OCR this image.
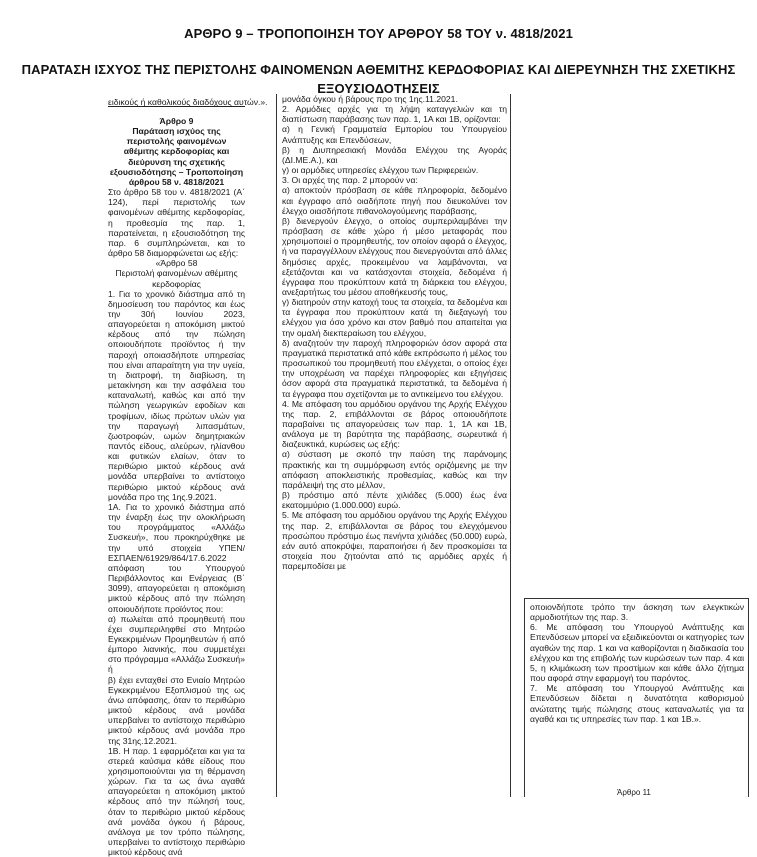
ΑΡΘΡΟ 9 – ΤΡΟΠΟΠΟΙΗΣΗ ΤΟΥ ΑΡΘΡΟΥ 58 ΤΟΥ ν. 4818/2021
ΠΑΡΑΤΑΣΗ ΙΣΧΥΟΣ ΤΗΣ ΠΕΡΙΣΤΟΛΗΣ ΦΑΙΝΟΜΕΝΩΝ ΑΘΕΜΙΤΗΣ ΚΕΡΔΟΦΟΡΙΑΣ ΚΑΙ ΔΙΕΡΕΥΝΗΣΗ ΤΗΣ ΣΧΕΤΙΚΗΣ
ΕΞΟΥΣΙΟΔΟΤΗΣΕΙΣ
ειδικούς ή καθολικούς διαδόχους αυτών.».

Άρθρο 9

Παράταση ισχύος της περιστολής φαινομένων αθέμιτης κερδοφορίας και διεύρυνση της σχετικής εξουσιοδότησης – Τροποποίηση άρθρου 58 ν. 4818/2021

Στο άρθρο 58 του ν. 4818/2021 (Α΄ 124), περί περιστολής των φαινομένων αθέμιτης κερδοφορίας, η προθεσμία της παρ. 1, παρατείνεται, η εξουσιοδότηση της παρ. 6 συμπληρώνεται, και το άρθρο 58 διαμορφώνεται ως εξής:

«Άρθρο 58

Περιστολή φαινομένων αθέμιτης κερδοφορίας

1. Για το χρονικό διάστημα από τη δημοσίευση του παρόντος και έως την 30ή Ιουνίου 2023, απαγορεύεται η αποκόμιση μικτού κέρδους από την πώληση οποιουδήποτε προϊόντος ή την παροχή οποιασδήποτε υπηρεσίας που είναι απαραίτητη για την υγεία, τη διατροφή, τη διαβίωση, τη μετακίνηση και την ασφάλεια του καταναλωτή, καθώς και από την πώληση γεωργικών εφοδίων και τροφίμων, ιδίως πρώτων υλών για την παραγωγή λιπασμάτων, ζωοτροφών, ωμών δημητριακών παντός είδους, αλεύρων, ηλίανθου και φυτικών ελαίων, όταν το περιθώριο μικτού κέρδους ανά μονάδα υπερβαίνει το αντίστοιχο περιθώριο μικτού κέρδους ανά μονάδα προ της 1ης.9.2021.

1Α. Για το χρονικό διάστημα από την έναρξη έως την ολοκλήρωση του προγράμματος «Αλλάζω Συσκευή», που προκηρύχθηκε με την υπό στοιχεία ΥΠΕΝ/ΕΣΠΑΕΝ/61929/864/17.6.2022 απόφαση του Υπουργού Περιβάλλοντος και Ενέργειας (Β΄ 3099), απαγορεύεται η αποκόμιση μικτού κέρδους από την πώληση οποιουδήποτε προϊόντος που:

α) πωλείται από προμηθευτή που έχει συμπεριληφθεί στο Μητρώο Εγκεκριμένων Προμηθευτών ή από έμπορο λιανικής, που συμμετέχει στο πρόγραμμα «Αλλάζω Συσκευή» ή

β) έχει ενταχθεί στο Ενιαίο Μητρώο Εγκεκριμένου Εξοπλισμού της ως άνω απόφασης, όταν το περιθώριο μικτού κέρδους ανά μονάδα υπερβαίνει το αντίστοιχο περιθώριο μικτού κέρδους ανά μονάδα προ της 31ης.12.2021.

1Β. Η παρ. 1 εφαρμόζεται και για τα στερεά καύσιμα κάθε είδους που χρησιμοποιούνται για τη θέρμανση χώρων. Για τα ως άνω αγαθά απαγορεύεται η αποκόμιση μικτού κέρδους από την πώλησή τους, όταν το περιθώριο μικτού κέρδους ανά μονάδα όγκου ή βάρους, ανάλογα με τον τρόπο πώλησης, υπερβαίνει το αντίστοιχο περιθώριο μικτού κέρδους ανά

μονάδα όγκου ή βάρους προ της 1ης.11.2021.

2. Αρμόδιες αρχές για τη λήψη καταγγελιών και τη διαπίστωση παράβασης των παρ. 1, 1Α και 1Β, ορίζονται:

α) η Γενική Γραμματεία Εμπορίου του Υπουργείου Ανάπτυξης και Επενδύσεων,

β) η Διυπηρεσιακή Μονάδα Ελέγχου της Αγοράς (ΔΙ.ΜΕ.Α.), και

γ) οι αρμόδιες υπηρεσίες ελέγχου των Περιφερειών.

3. Οι αρχές της παρ. 2 μπορούν να:

α) αποκτούν πρόσβαση σε κάθε πληροφορία, δεδομένο και έγγραφο από οιαδήποτε πηγή που διευκολύνει τον έλεγχο οιασδήποτε πιθανολογούμενης παράβασης,

β) διενεργούν έλεγχο, ο οποίος συμπεριλαμβάνει την πρόσβαση σε κάθε χώρο ή μέσο μεταφοράς που χρησιμοποιεί ο προμηθευτής, τον οποίον αφορά ο έλεγχος, ή να παραγγέλλουν ελέγχους που διενεργούνται από άλλες δημόσιες αρχές, προκειμένου να λαμβάνονται, να εξετάζονται και να κατάσχονται στοιχεία, δεδομένα ή έγγραφα που προκύπτουν κατά τη διάρκεια του ελέγχου, ανεξαρτήτως του μέσου αποθήκευσής τους,

γ) διατηρούν στην κατοχή τους τα στοιχεία, τα δεδομένα και τα έγγραφα που προκύπτουν κατά τη διεξαγωγή του ελέγχου για όσο χρόνο και στον βαθμό που απαιτείται για την ομαλή διεκπεραίωση του ελέγχου,

δ) αναζητούν την παροχή πληροφοριών όσον αφορά στα πραγματικά περιστατικά από κάθε εκπρόσωπο ή μέλος του προσωπικού του προμηθευτή που ελέγχεται, ο οποίος έχει την υποχρέωση να παρέχει πληροφορίες και εξηγήσεις όσον αφορά στα πραγματικά περιστατικά, τα δεδομένα ή τα έγγραφα που σχετίζονται με το αντικείμενο του ελέγχου.

4. Με απόφαση του αρμόδιου οργάνου της Αρχής Ελέγχου της παρ. 2, επιβάλλονται σε βάρος οποιουδήποτε παραβαίνει τις απαγορεύσεις των παρ. 1, 1Α και 1Β, ανάλογα με τη βαρύτητα της παράβασης, σωρευτικά ή διαζευκτικά, κυρώσεις ως εξής:

α) σύσταση με σκοπό την παύση της παράνομης πρακτικής και τη συμμόρφωση εντός οριζόμενης με την απόφαση αποκλειστικής προθεσμίας, καθώς και την παράλειψή της στο μέλλον,

β) πρόστιμο από πέντε χιλιάδες (5.000) έως ένα εκατομμύριο (1.000.000) ευρώ.

5. Με απόφαση του αρμόδιου οργάνου της Αρχής Ελέγχου της παρ. 2, επιβάλλονται σε βάρος του ελεγχόμενου προσώπου πρόστιμο έως πενήντα χιλιάδες (50.000) ευρώ, εάν αυτό αποκρύψει, παραποιήσει ή δεν προσκομίσει τα στοιχεία που ζητούνται από τις αρμόδιες αρχές ή παρεμποδίσει με

οποιονδήποτε τρόπο την άσκηση των ελεγκτικών αρμοδιοτήτων της παρ. 3.

6. Με απόφαση του Υπουργού Ανάπτυξης και Επενδύσεων μπορεί να εξειδικεύονται οι κατηγορίες των αγαθών της παρ. 1 και να καθορίζονται η διαδικασία του ελέγχου και της επιβολής των κυρώσεων των παρ. 4 και 5, η κλιμάκωση των προστίμων και κάθε άλλο ζήτημα που αφορά στην εφαρμογή του παρόντος.

7. Με απόφαση του Υπουργού Ανάπτυξης και Επενδύσεων δίδεται η δυνατότητα καθορισμού ανώτατης τιμής πώλησης στους καταναλωτές για τα αγαθά και τις υπηρεσίες των παρ. 1 και 1Β.».

Άρθρο 11
